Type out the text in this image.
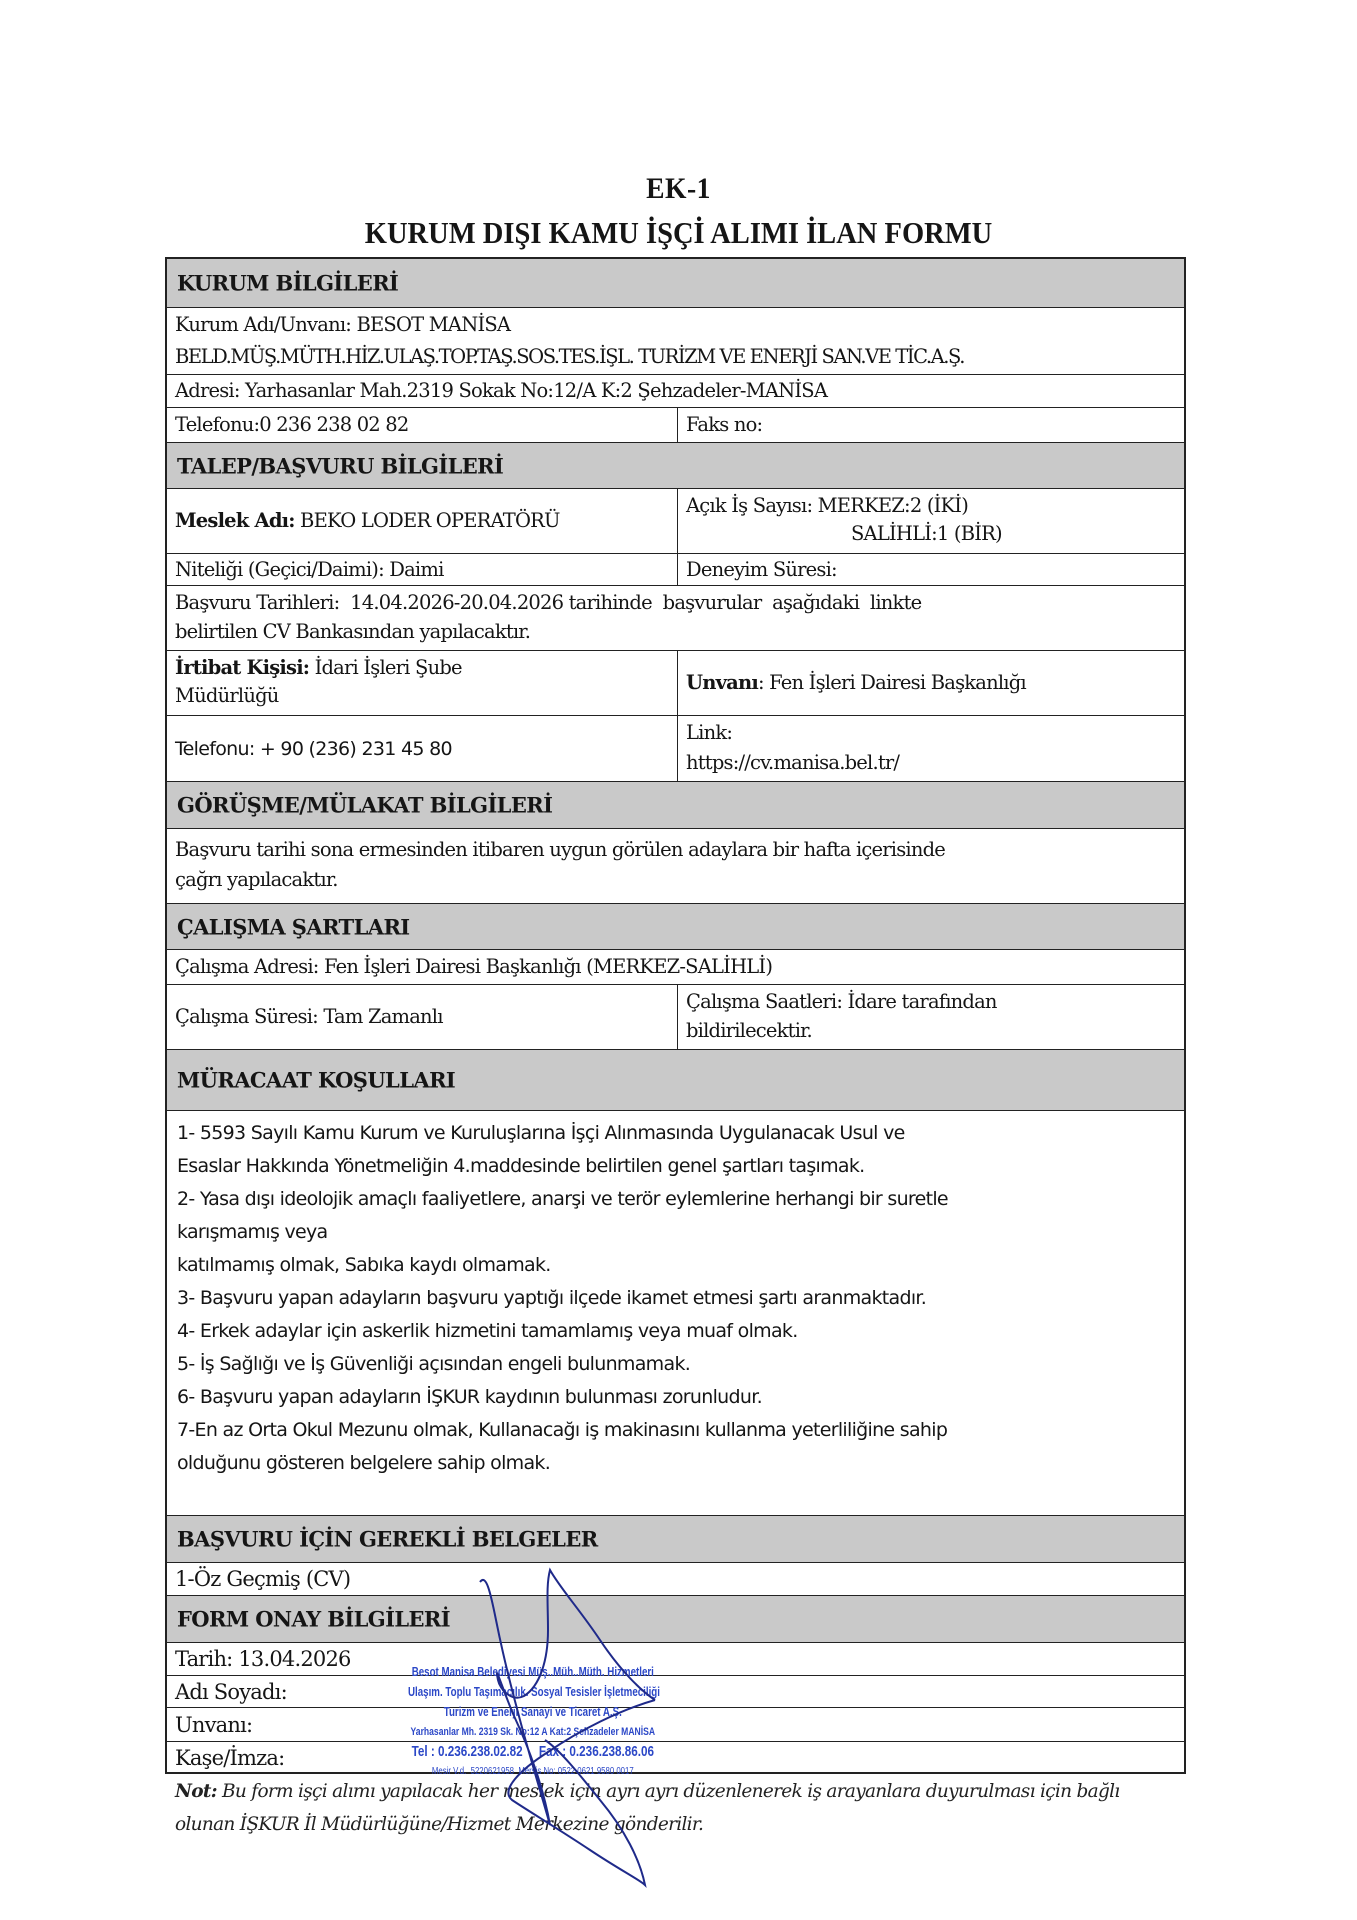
EK-1
KURUM DIŞI KAMU İŞÇİ ALIMI İLAN FORMU
KURUM BİLGİLERİ
Kurum Adı/Unvanı: BESOT MANİSA
BELD.MÜŞ.MÜTH.HİZ.ULAŞ.TOP.TAŞ.SOS.TES.İŞL. TURİZM VE ENERJİ SAN.VE TİC.A.Ş.
Adresi: Yarhasanlar Mah.2319 Sokak No:12/A K:2 Şehzadeler-MANİSA
Telefonu:0 236 238 02 82	Faks no:
TALEP/BAŞVURU BİLGİLERİ
Meslek Adı: BEKO LODER OPERATÖRÜ
Açık İş Sayısı: MERKEZ:2 (İKİ)
SALİHLİ:1 (BİR)
Niteliği (Geçici/Daimi): Daimi	Deneyim Süresi:
Başvuru Tarihleri:  14.04.2026-20.04.2026 tarihinde  başvurular  aşağıdaki  linkte
belirtilen CV Bankasından yapılacaktır.
İrtibat Kişisi: İdari İşleri Şube
Müdürlüğü
Unvanı: Fen İşleri Dairesi Başkanlığı
Telefonu: + 90 (236) 231 45 80
Link:
https://cv.manisa.bel.tr/
GÖRÜŞME/MÜLAKAT BİLGİLERİ
Başvuru tarihi sona ermesinden itibaren uygun görülen adaylara bir hafta içerisinde
çağrı yapılacaktır.
ÇALIŞMA ŞARTLARI
Çalışma Adresi: Fen İşleri Dairesi Başkanlığı (MERKEZ-SALİHLİ)
Çalışma Süresi: Tam Zamanlı
Çalışma Saatleri: İdare tarafından
bildirilecektir.
MÜRACAAT KOŞULLARI
1- 5593 Sayılı Kamu Kurum ve Kuruluşlarına İşçi Alınmasında Uygulanacak Usul ve
Esaslar Hakkında Yönetmeliğin 4.maddesinde belirtilen genel şartları taşımak.
2- Yasa dışı ideolojik amaçlı faaliyetlere, anarşi ve terör eylemlerine herhangi bir suretle
karışmamış veya
katılmamış olmak, Sabıka kaydı olmamak.
3- Başvuru yapan adayların başvuru yaptığı ilçede ikamet etmesi şartı aranmaktadır.
4- Erkek adaylar için askerlik hizmetini tamamlamış veya muaf olmak.
5- İş Sağlığı ve İş Güvenliği açısından engeli bulunmamak.
6- Başvuru yapan adayların İŞKUR kaydının bulunması zorunludur.
7-En az Orta Okul Mezunu olmak, Kullanacağı iş makinasını kullanma yeterliliğine sahip
olduğunu gösteren belgelere sahip olmak.
BAŞVURU İÇİN GEREKLİ BELGELER
1-Öz Geçmiş (CV)
FORM ONAY BİLGİLERİ
Tarih: 13.04.2026
Adı Soyadı:
Unvanı:
Kaşe/İmza:
Besot Manisa Belediyesi Müş..Müh..Müth. Hizmetleri
Ulaşım. Toplu Taşımacılık. Sosyal Tesisler İşletmeciliği
Turizm ve Enerji Sanayi ve Ticaret A.Ş.
Yarhasanlar Mh. 2319 Sk. No:12 A Kat:2 Şehzadeler MANİSA
Tel : 0.236.238.02.82     Fax : 0.236.238.86.06
Mesir V.d.  5220621958  Mersis No: 0522 0621 9580 0017
Not: Bu form işçi alımı yapılacak her meslek için ayrı ayrı düzenlenerek iş arayanlara duyurulması için bağlı
olunan İŞKUR İl Müdürlüğüne/Hizmet Merkezine gönderilir.
